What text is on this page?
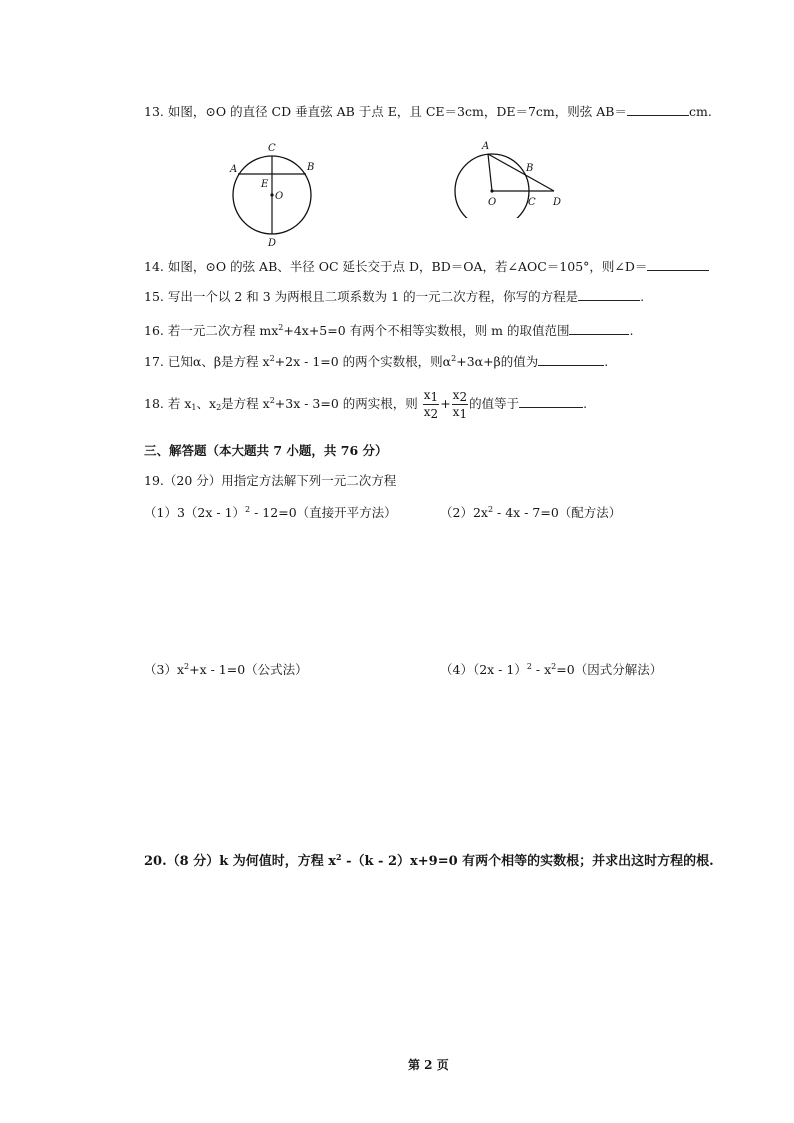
13. 如图，⊙O 的直径 CD 垂直弦 AB 于点 E，且 CE＝3cm，DE＝7cm，则弦 AB＝	cm.
C
A	B
E
O
D
A
B
O	C D
14. 如图，⊙O 的弦 AB、半径 OC 延长交于点 D，BD＝OA，若∠AOC＝105°，则∠D＝
15. 写出一个以 2 和 3 为两根且二项系数为 1 的一元二次方程，你写的方程是	.
16. 若一元二次方程 $mx^2+4x+5=0$ 有两个不相等实数根，则 m 的取值范围	.
17. 已知α、β是方程 $x^2+2x - 1=0$ 的两个实数根，则$\alpha^2+3\alpha+\beta$的值为	.
18. 若 $x_1$、$x_2$是方程 $x^2+3x - 3=0$ 的两实根，则 $\frac{x1}{x2} + \frac{x2}{x1}$ 的值等于	.
三、解答题（本大题共 7 小题，共 76 分）
19.（20 分）用指定方法解下列一元二次方程
（1）3（2x - 1）$^2$ - 12=0（直接开平方法）	$(2)2x^2 - 4x - 7=0$（配方法）
$(3)x^2+x - 1=0$（公式法）	$(4)(2x - 1)^2 - x^2=0$（因式分解法）
20.（8 分）k 为何值时，方程 $x^2$ -（k - 2）x+9=0 有两个相等的实数根；并求出这时方程的根.
第 2 页
